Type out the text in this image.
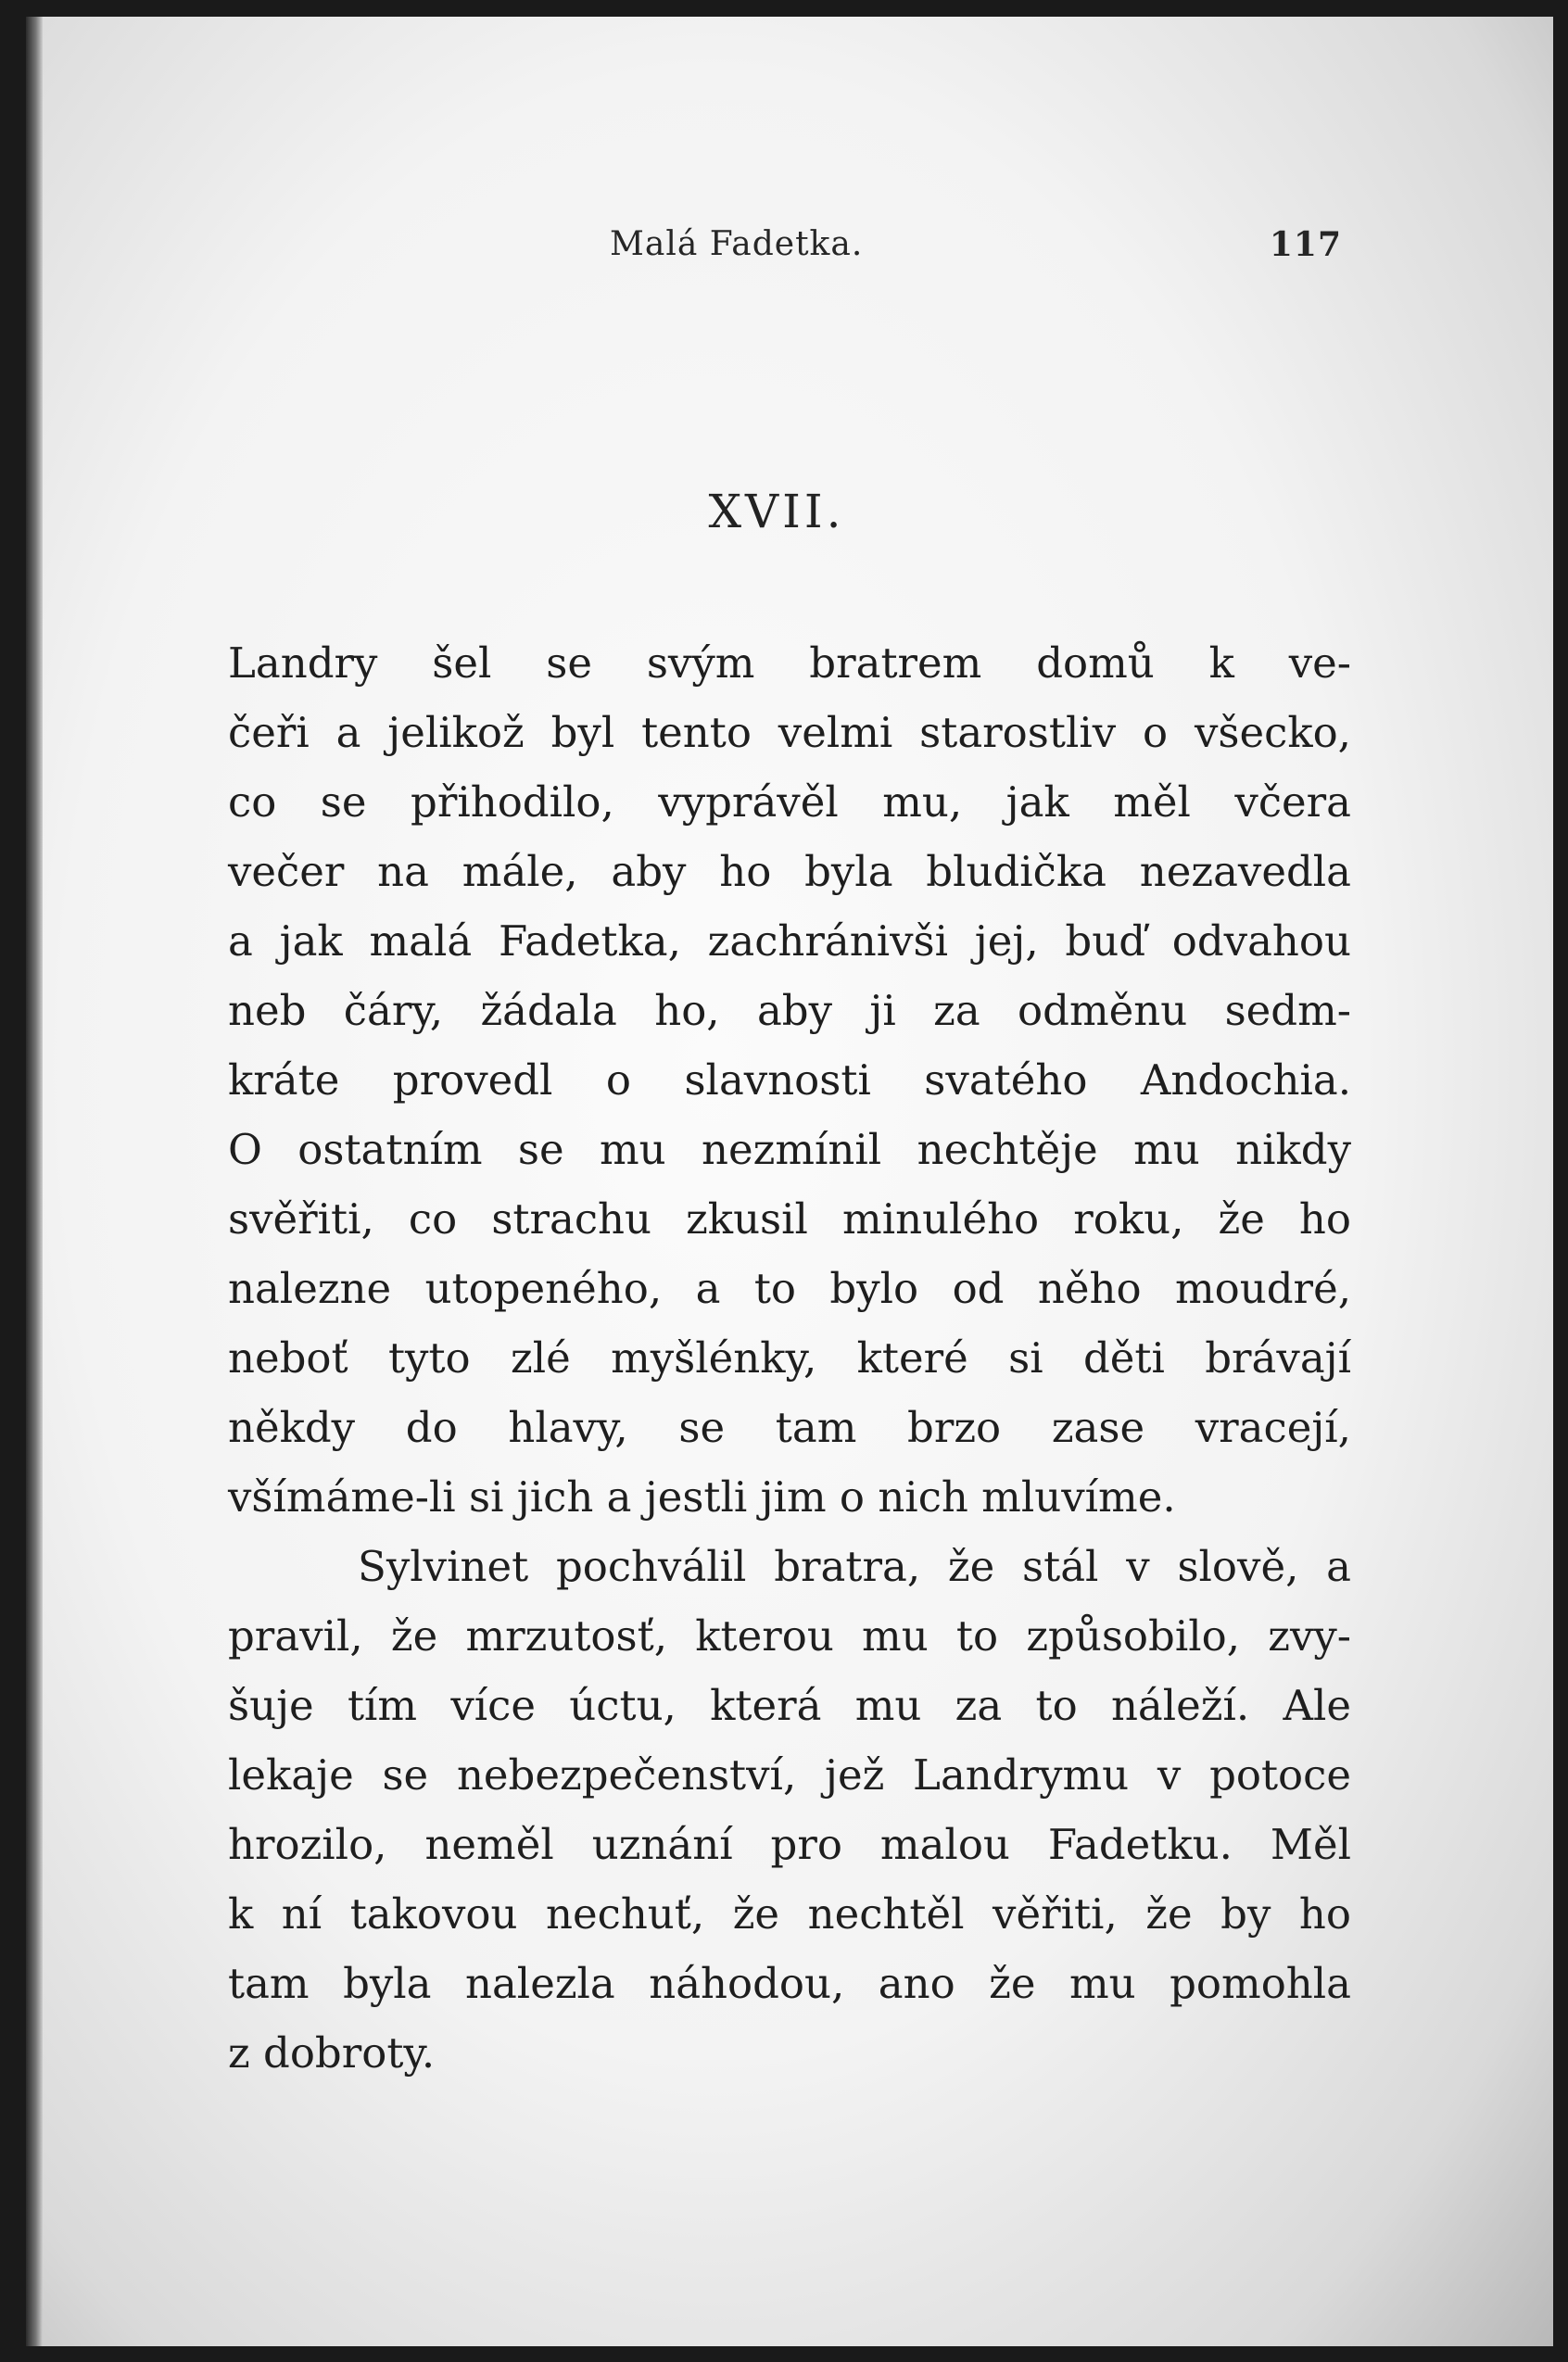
Malá Fadetka.	117
XVII.
Landry šel se svým bratrem domů k ve-
čeři a jelikož byl tento velmi starostliv o všecko,
co se přihodilo, vyprávěl mu, jak měl včera
večer na mále, aby ho byla bludička nezavedla
a jak malá Fadetka, zachránivši jej, buď odvahou
neb čáry, žádala ho, aby ji za odměnu sedm-
kráte provedl o slavnosti svatého Andochia.
O ostatním se mu nezmínil nechtěje mu nikdy
svěřiti, co strachu zkusil minulého roku, že ho
nalezne utopeného, a to bylo od něho moudré,
neboť tyto zlé myšlénky, které si děti brávají
někdy do hlavy, se tam brzo zase vracejí,
všímáme-li si jich a jestli jim o nich mluvíme.
Sylvinet pochválil bratra, že stál v slově, a
pravil, že mrzutosť, kterou mu to způsobilo, zvy-
šuje tím více úctu, která mu za to náleží. Ale
lekaje se nebezpečenství, jež Landrymu v potoce
hrozilo, neměl uznání pro malou Fadetku. Měl
k ní takovou nechuť, že nechtěl věřiti, že by ho
tam byla nalezla náhodou, ano že mu pomohla
z dobroty.
